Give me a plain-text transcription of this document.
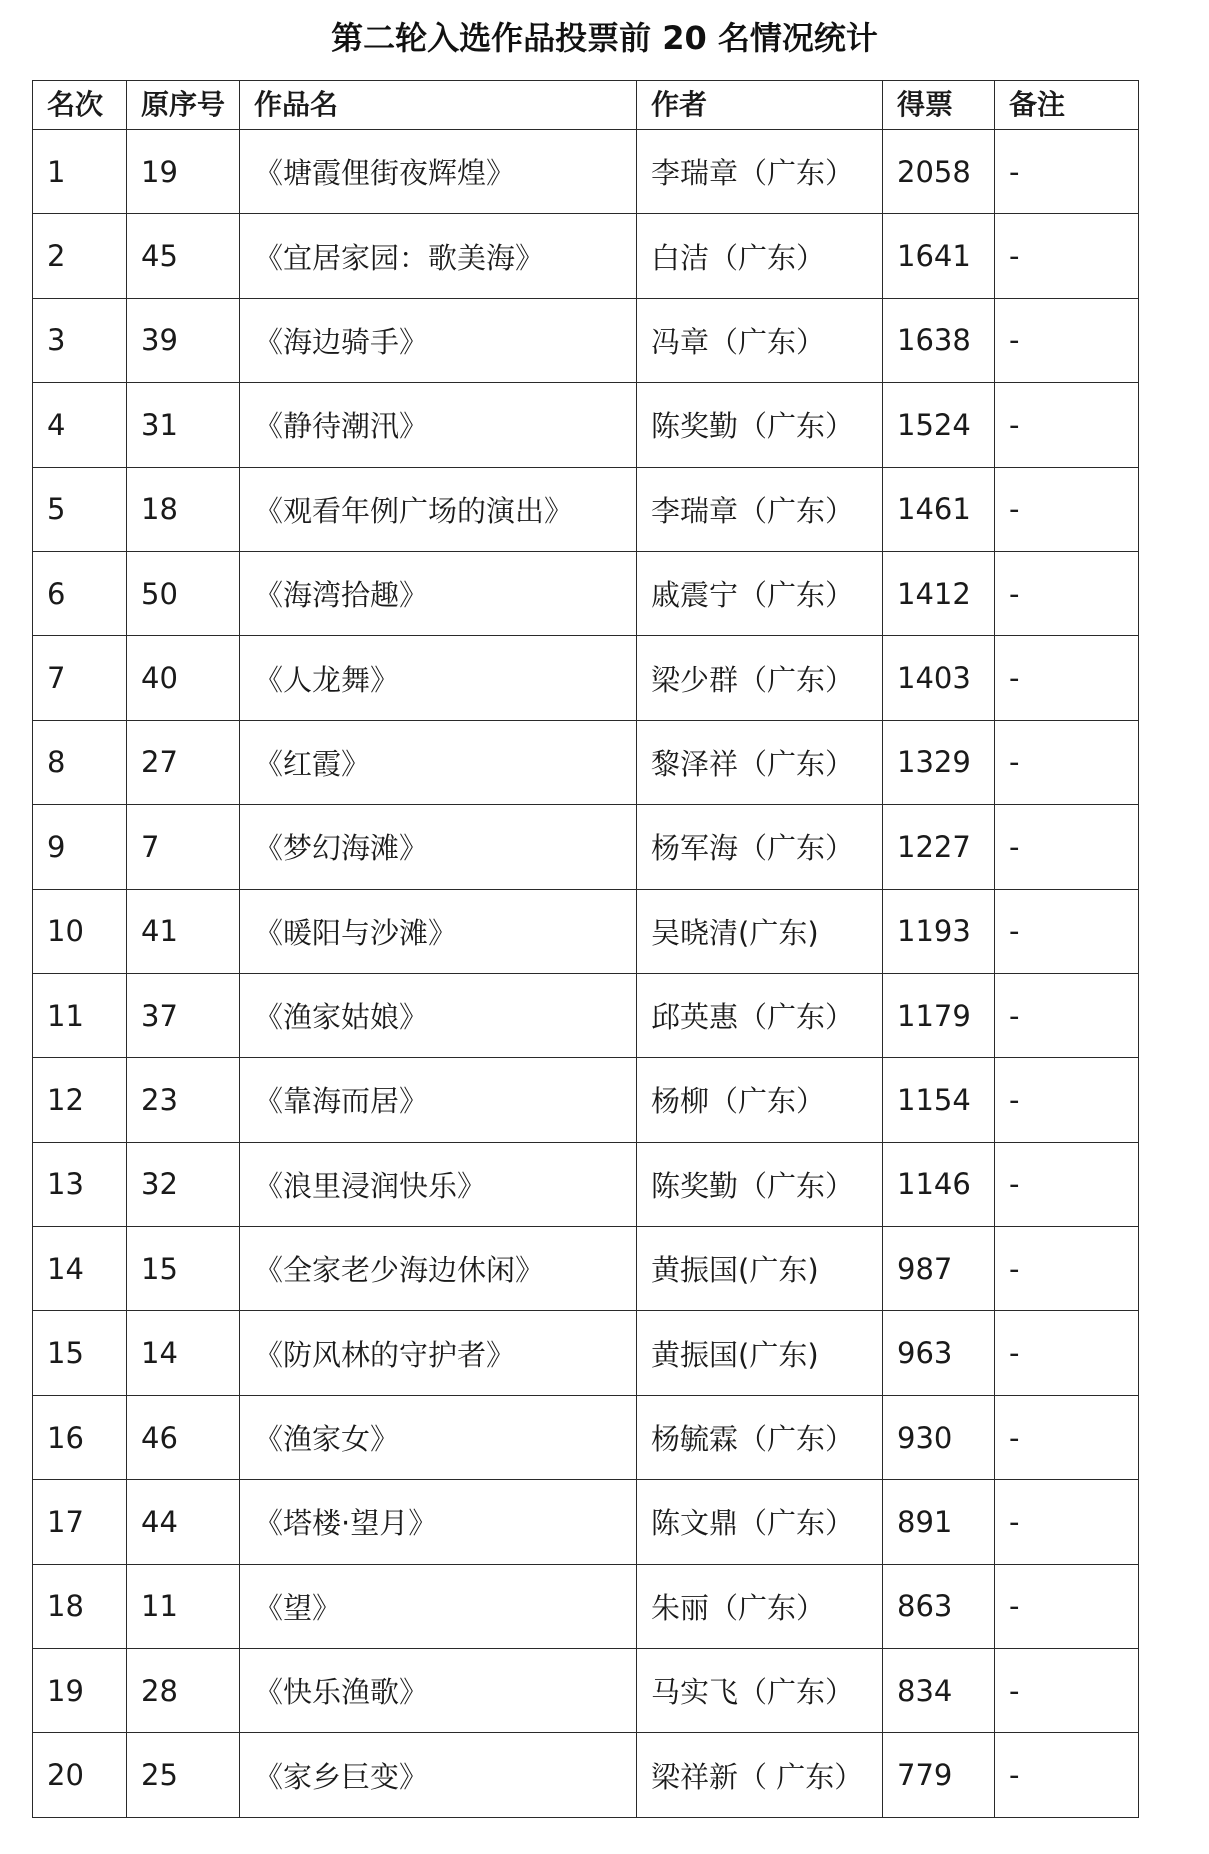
第二轮入选作品投票前 20 名情况统计
名次	原序号	作品名	作者	得票	备注
1	19	《塘霞俚街夜辉煌》	李瑞章（广东）	2058	-
2	45	《宜居家园：歌美海》	白洁（广东）	1641	-
3	39	《海边骑手》	冯章（广东）	1638	-
4	31	《静待潮汛》	陈奖勤（广东）	1524	-
5	18	《观看年例广场的演出》	李瑞章（广东）	1461	-
6	50	《海湾拾趣》	戚震宁（广东）	1412	-
7	40	《人龙舞》	梁少群（广东）	1403	-
8	27	《红霞》	黎泽祥（广东）	1329	-
9	7	《梦幻海滩》	杨军海（广东）	1227	-
10	41	《暖阳与沙滩》	吴晓清(广东)	1193	-
11	37	《渔家姑娘》	邱英惠（广东）	1179	-
12	23	《靠海而居》	杨柳（广东）	1154	-
13	32	《浪里浸润快乐》	陈奖勤（广东）	1146	-
14	15	《全家老少海边休闲》	黄振国(广东)	987	-
15	14	《防风林的守护者》	黄振国(广东)	963	-
16	46	《渔家女》	杨毓霖（广东）	930	-
17	44	《塔楼·望月》	陈文鼎（广东）	891	-
18	11	《望》	朱丽（广东）	863	-
19	28	《快乐渔歌》	马实飞（广东）	834	-
20	25	《家乡巨变》	梁祥新（ 广东）	779	-
